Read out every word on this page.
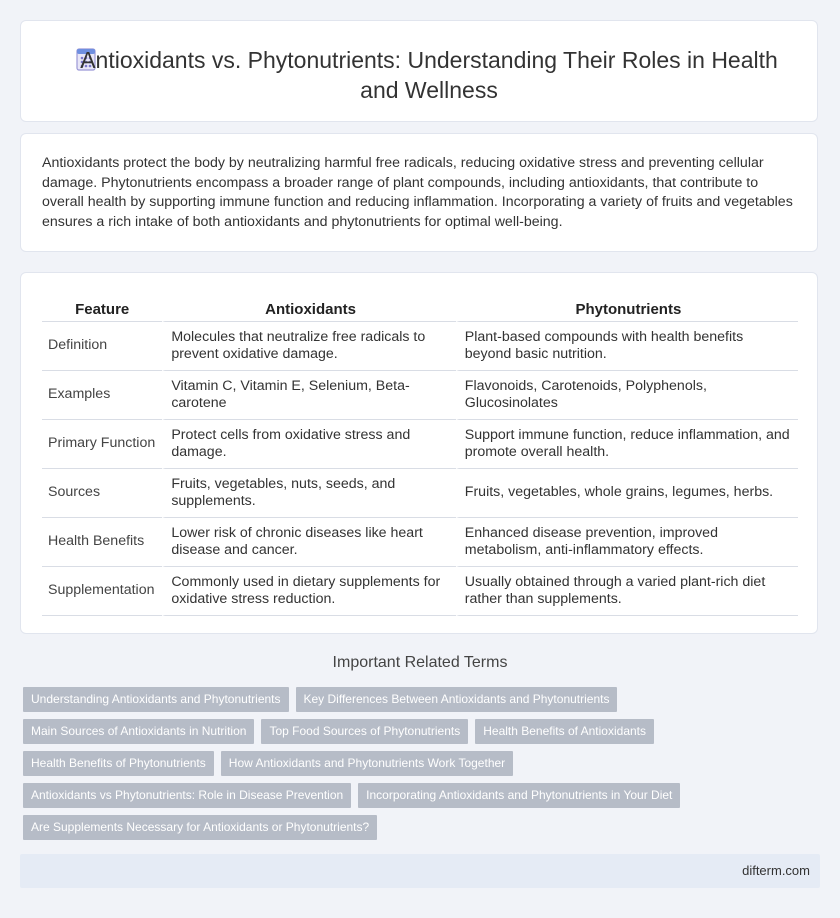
Antioxidants vs. Phytonutrients: Understanding Their Roles in Health and Wellness

Antioxidants protect the body by neutralizing harmful free radicals, reducing oxidative stress and preventing cellular damage. Phytonutrients encompass a broader range of plant compounds, including antioxidants, that contribute to overall health by supporting immune function and reducing inflammation. Incorporating a variety of fruits and vegetables ensures a rich intake of both antioxidants and phytonutrients for optimal well-being.

Feature	Antioxidants	Phytonutrients
Definition	Molecules that neutralize free radicals to prevent oxidative damage.	Plant-based compounds with health benefits beyond basic nutrition.
Examples	Vitamin C, Vitamin E, Selenium, Beta-carotene	Flavonoids, Carotenoids, Polyphenols, Glucosinolates
Primary Function	Protect cells from oxidative stress and damage.	Support immune function, reduce inflammation, and promote overall health.
Sources	Fruits, vegetables, nuts, seeds, and supplements.	Fruits, vegetables, whole grains, legumes, herbs.
Health Benefits	Lower risk of chronic diseases like heart disease and cancer.	Enhanced disease prevention, improved metabolism, anti-inflammatory effects.
Supplementation	Commonly used in dietary supplements for oxidative stress reduction.	Usually obtained through a varied plant-rich diet rather than supplements.
Important Related Terms
Understanding Antioxidants and Phytonutrients	Key Differences Between Antioxidants and Phytonutrients
Main Sources of Antioxidants in Nutrition	Top Food Sources of Phytonutrients	Health Benefits of Antioxidants
Health Benefits of Phytonutrients	How Antioxidants and Phytonutrients Work Together
Antioxidants vs Phytonutrients: Role in Disease Prevention	Incorporating Antioxidants and Phytonutrients in Your Diet
Are Supplements Necessary for Antioxidants or Phytonutrients?
difterm.com
